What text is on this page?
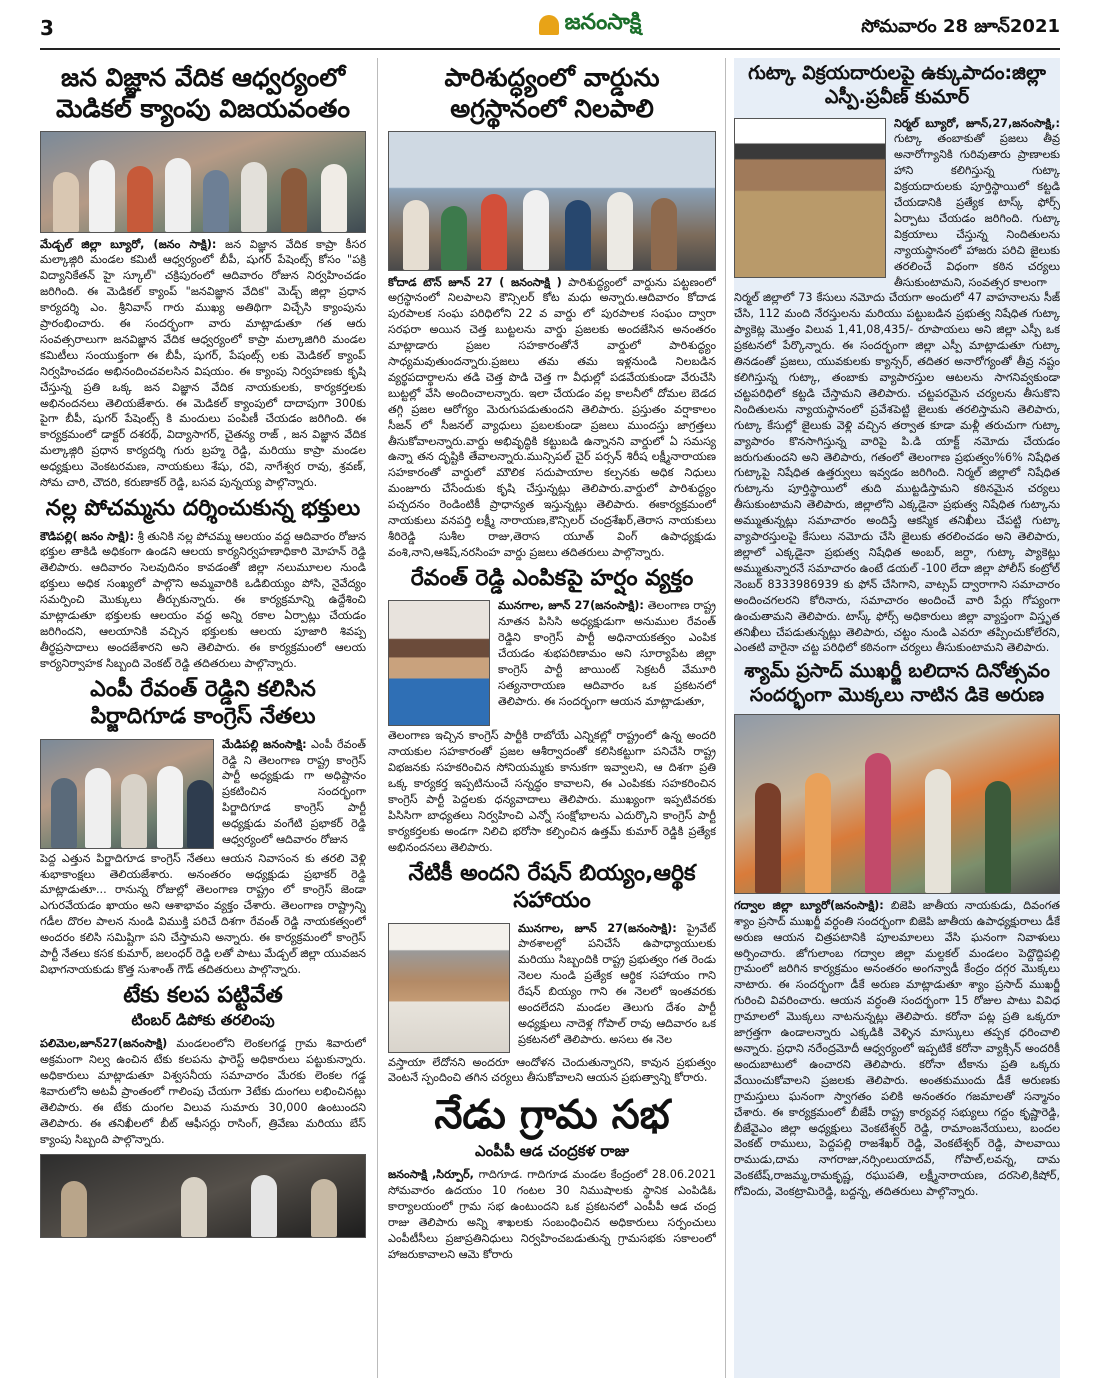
3	జనంసాక్షి	సోమవారం 28 జూన్2021
జన విజ్ఞాన వేదిక ఆధ్వర్యంలో మెడికల్ క్యాంపు విజయవంతం

మేడ్చల్ జిల్లా బ్యూరో, (జనం సాక్షి): జన విజ్ఞాన వేదిక కాప్రా కీసర మల్కాజ్గిరి మండల కమిటీ ఆధ్వర్యంలో బీపీ, షుగర్ పేషెంట్స్ కోసం "పక్రి విద్యానికేతన్ హై స్కూల్" చక్రిపురంలో ఆదివారం రోజున నిర్వహించడం జరిగింది. ఈ మెడికల్ క్యాంప్ "జనవిజ్ఞాన వేదిక" మెడ్చ్ జిల్లా ప్రధాన కార్యదర్శి ఎం. శ్రీనివాస్ గారు ముఖ్య అతిథిగా విచ్చేసి క్యాంపును ప్రారంభించారు. ఈ సందర్భంగా వారు మాట్లాడుతూ గత ఆరు సంవత్సరాలుగా జనవిజ్ఞాన వేదిక ఆధ్వర్యంలో కాప్రా మల్కాజిగిరి మండల కమిటీలు సంయుక్తంగా ఈ బీపీ, షుగర్, పేషంట్స్ లకు మెడికల్ క్యాంప్ నిర్వహించడం అభినందించవలసిన విషయం. ఈ క్యాంపు నిర్వహణకు కృషి చేస్తున్న ప్రతి ఒక్క జన విజ్ఞాన వేదిక నాయకులకు, కార్యకర్తలకు అభినందనలు తెలియజేశారు. ఈ మెడికల్ క్యాంపులో దాదాపుగా 300కు పైగా బీపీ, షుగర్ పేషెంట్స్ కి మందులు పంపిణీ చేయడం జరిగింది. ఈ కార్యక్రమంలో డాక్టర్ దశరథ్, విద్యాసాగర్, చైతన్య రాజ్ , జన విజ్ఞాన వేదిక మల్కాజ్గిరి ప్రధాన కార్యదర్శి గురు బ్రహ్మ రెడ్డి, మరియు కాప్రా మండల అధ్యక్షులు వెంకటరమణ, నాయకులు శేషు, రవి, నాగేశ్వర రావు, శ్రవణ్, సోమ చారి, చౌదరి, కరుణాకర్ రెడ్డి, బసవ పున్నయ్య పాల్గొన్నారు.

నల్ల పోచమ్మను దర్శించుకున్న భక్తులు

కౌడిపల్లి( జనం సాక్షి): శ్రీ తునికి నల్ల పోచమ్మ ఆలయం వద్ద ఆదివారం రోజున భక్తుల తాకిడి అధికంగా ఉండని ఆలయ కార్యనిర్వహణాధికారి మోహన్ రెడ్డి తెలిపారు. ఆదివారం సెలవుదినం కావడంతో జిల్లా నలుమూలల నుండి భక్తులు అధిక సంఖ్యలో పాల్గొని అమ్మవారికి ఒడిబియ్యం పోసి, నైవేద్యం సమర్పించి మొక్కులు తీర్చుకున్నారు. ఈ కార్యక్రమాన్ని ఉద్దేశించి మాట్లాడుతూ భక్తులకు ఆలయం వద్ద అన్ని రకాల ఏర్పాట్లు చేయడం జరిగిందని, ఆలయానికి వచ్చిన భక్తులకు ఆలయ పూజారి శివప్ప తీర్థప్రసాదాలు అందజేశారని అని తెలిపారు. ఈ కార్యక్రమంలో ఆలయ కార్యనిర్వాహక సిబ్బంది వెంకట్ రెడ్డి తదితరులు పాల్గొన్నారు.

ఎంపీ రేవంత్ రెడ్డిని కలిసిన పిర్జాదిగూడ కాంగ్రెస్ నేతలు

మేడిపల్లి జనంసాక్షి: ఎంపీ రేవంత్ రెడ్డి ని తెలంగాణ రాష్ట్ర కాంగ్రెస్ పార్టీ అధ్యక్షుడు గా అధిష్టానం ప్రకటించిన సందర్భంగా పిర్జాదిగూడ కాంగ్రెస్ పార్టీ అధ్యక్షుడు వంగేటి ప్రభాకర్ రెడ్డి ఆధ్వర్యంలో ఆదివారం రోజున

పెద్ద ఎత్తున పిర్జాదిగూడ కాంగ్రెస్ నేతలు ఆయన నివాసంన కు తరలి వెళ్లి శుభాకాంక్షలు తెలియజేశారు. అనంతరం అధ్యక్షుడు ప్రభాకర్ రెడ్డి మాట్లాడుతూ... రానున్న రోజుల్లో తెలంగాణ రాష్ట్రం లో కాంగ్రెస్ జెండా ఎగురవేయడం ఖాయం అని ఆశాభావం వ్యక్తం చేశారు. తెలంగాణ రాష్ట్రాన్ని గడీల దొరల పాలన నుండి విముక్తి పరిచే దిశగా రేవంత్ రెడ్డి నాయకత్వంలో అందరం కలిసి సమిష్టిగా పని చేస్తామని అన్నారు. ఈ కార్యక్రమంలో కాంగ్రెస్ పార్టీ నేతలు కసక కుమార్, జలంధర్ రెడ్డి లతో పాటు మేడ్చల్ జిల్లా యువజన విభాగనాయకుడు కొత్త సుశాంత్ గౌడ్ తదితరులు పాల్గొన్నారు.

టేకు కలప పట్టివేత
టింబర్ డిపోకు తరలింపు

పలిమెల,జూన్27(జనంసాక్షి) మండలంలోని లెంకలగడ్డ గ్రామ శివారులో అక్రమంగా నిల్వ ఉంచిన టేకు కలపను ఫారెస్ట్ అధికారులు పట్టుకున్నారు. అధికారులు మాట్లాడుతూ విశ్వసనీయ సమాచారం మేరకు లెంకల గడ్డ శివారులోని అటవీ ప్రాంతంలో గాలింపు చేయగా 3టేకు దుంగలు లభించినట్లు తెలిపారు. ఈ టేకు దుంగల విలువ సుమారు 30,000 ఉంటుందని తెలిపారు. ఈ తనిఖీలలో బీట్ ఆఫీసర్లు రాసింగ్, త్రివేణు మరియు బేస్ క్యాంపు సిబ్బంది పాల్గొన్నారు.

పారిశుద్ధ్యంలో వార్డును అగ్రస్థానంలో నిలపాలి

కోదాడ టౌన్ జూన్ 27 ( జనంసాక్షి ) పారిశుద్ధ్యంలో వార్డును పట్టణంలో అగ్రస్థానంలో నిలపాలని కౌన్సిలర్ కోట మధు అన్నారు.ఆదివారం కోదాడ పురపాలక సంఘ పరిధిలోని 22 వ వార్డు లో పురపాలక సంఘం ద్వారా సరఫరా అయిన చెత్త బుట్టలను వార్డు ప్రజలకు అందజేసిన అనంతరం మాట్లాడారు ప్రజల సహకారంతోనే వార్డులో పారిశుద్ధ్యం సాధ్యమవుతుందన్నారు.ప్రజలు తమ తమ ఇళ్లనుండి నిలబడిన వ్యర్థపదార్థాలను తడి చెత్త పొడి చెత్త గా వీధుల్లో పడవేయకుండా వేరుచేసి బుట్టల్లో వేసి అందించాలన్నారు. ఇలా చేయడం వల్ల కాలనీలో దోమల బెడద తగ్గి ప్రజల ఆరోగ్యం మెరుగుపడుతుందని తెలిపారు. ప్రస్తుతం వర్షాకాలం సీజన్ లో సీజనల్ వ్యాధులు ప్రబలకుండా ప్రజలు ముందస్తు జాగ్రత్తలు తీసుకోవాలన్నారు.వార్డు అభివృద్ధికి కట్టుబడి ఉన్నానని వార్డులో ఏ సమస్య ఉన్నా తన దృష్టికి తేవాలన్నారు.మున్సిపల్ చైర్ పర్సన్ శిరీష లక్ష్మీనారాయణ సహకారంతో వార్డులో మౌలిక సదుపాయాల కల్పనకు అధిక నిధులు మంజూరు చేసేందుకు కృషి చేస్తున్నట్లు తెలిపారు.వార్డులో పారిశుద్ధ్యం పచ్చదనం రెండింటికీ ప్రాధాన్యత ఇస్తున్నట్లు తెలిపారు. ఈకార్యక్రమంలో నాయకులు వనపర్తి లక్ష్మీ నారాయణ,కౌన్సిలర్ చంద్రశేఖర్,తెరాస నాయకులు శీరిరెడ్డి సుశీల రాజు,తెరాస యూత్ వింగ్ ఉపాధ్యక్షుడు వంశి,నాని,ఆశిష్,నరసింహ వార్డు ప్రజలు తదితరులు పాల్గొన్నారు.

రేవంత్ రెడ్డి ఎంపికపై హర్షం వ్యక్తం

మునగాల, జూన్ 27(జనంసాక్షి): తెలంగాణ రాష్ట్ర నూతన పిసిసి అధ్యక్షుడుగా అనుముల రేవంత్ రెడ్డిని కాంగ్రెస్ పార్టీ అధినాయకత్వం ఎంపిక చేయడం శుభపరిణామం అని సూర్యాపేట జిల్లా కాంగ్రెస్ పార్టీ జాయింట్ సెక్రటరీ వేమూరి సత్యనారాయణ ఆదివారం ఒక ప్రకటనలో తెలిపారు. ఈ సందర్భంగా ఆయన మాట్లాడుతూ,

తెలంగాణ ఇచ్చిన కాంగ్రెస్ పార్టీకి రాబోయే ఎన్నికల్లో రాష్ట్రంలో ఉన్న అందరి నాయకుల సహకారంతో ప్రజల ఆశీర్వాదంతో కలిసికట్టుగా పనిచేసి రాష్ట్ర విభజనకు సహకరించిన సోనియమ్మకు కానుకగా ఇవ్వాలని, ఆ దిశగా ప్రతి ఒక్క కార్యకర్త ఇప్పటినుంచే సన్నద్ధం కావాలని, ఈ ఎంపికకు సహకరించిన కాంగ్రెస్ పార్టీ పెద్దలకు ధన్యవాదాలు తెలిపారు. ముఖ్యంగా ఇప్పటివరకు పిసిసిగా బాధ్యతలు నిర్వహించి ఎన్నో సంక్షోభాలను ఎదుర్కొని కాంగ్రెస్ పార్టీ కార్యకర్తలకు అండగా నిలిచి భరోసా కల్పించిన ఉత్తమ్ కుమార్ రెడ్డికి ప్రత్యేక అభినందనలు తెలిపారు.

నేటికీ అందని రేషన్ బియ్యం,ఆర్థిక సహాయం

మునగాల, జూన్ 27(జనంసాక్షి): ప్రైవేట్ పాఠశాలల్లో పనిచేసే ఉపాధ్యాయులకు మరియు సిబ్బందికి రాష్ట్ర ప్రభుత్వం గత రెండు నెలల నుండి ప్రత్యేక ఆర్థిక సహాయం గాని రేషన్ బియ్యం గాని ఈ నెలలో ఇంతవరకు అందలేదని మండల తెలుగు దేశం పార్టీ అధ్యక్షులు నాదెళ్ల గోపాల్ రావు ఆదివారం ఒక ప్రకటనలో తెలిపారు. అసలు ఈ నెల

వస్తాయా లేదోనని అందరూ ఆందోళన చెందుతున్నారని, కావున ప్రభుత్వం వెంటనే స్పందించి తగిన చర్యలు తీసుకోవాలని ఆయన ప్రభుత్వాన్ని కోరారు.

నేడు గ్రామ సభ
ఎంపీపీ ఆడ చంద్రకళ రాజు

జనంసాక్షి ,సిర్పూర్, గాదిగూడ. గాదిగూడ మండల కేంద్రంలో 28.06.2021 సోమవారం ఉదయం 10 గంటల 30 నిముషాలకు స్థానిక ఎంపిడిఓ కార్యాలయంలో గ్రామ సభ ఉంటుందని ఒక ప్రకటనలో ఎంపీపీ ఆడ చంద్ర రాజు తెలిపారు అన్ని శాఖలకు సంబంధించిన అధికారులు సర్పంచులు ఎంపీటీసీలు ప్రజాప్రతినిధులు నిర్వహించబడుతున్న గ్రామసభకు సకాలంలో హాజరుకావాలని ఆమె కోరారు

గుట్కా విక్రయదారులపై ఉక్కుపాదం:జిల్లా ఎస్పీ.ప్రవీణ్ కుమార్

నిర్మల్ బ్యూరో, జూన్,27,జనంసాక్షి,: గుట్కా తంబాకుతో ప్రజలు తీవ్ర అనారోగ్యానికి గురివుతారు ప్రాణాలకు హాని కలిగిస్తున్న గుట్కా విక్రయదారులకు పూర్తిస్థాయిలో కట్టడి చేయడానికి ప్రత్యేక టాస్క్ ఫోర్స్ ఏర్పాటు చేయడం జరిగింది. గుట్కా విక్రయాలు చేస్తున్న నిందితులను న్యాయస్థానంలో హాజరు పరిచి జైలుకు తరలించే విధంగా కఠిన చర్యలు తీసుకుంటామని, సంవత్సర కాలంగా

నిర్మల్ జిల్లాలో 73 కేసులు నమోదు చేయగా అందులో 47 వాహనాలను సీజ్ చేసి, 112 మంది నేరస్తులను మరియు పట్టుబడిన ప్రభుత్వ నిషేధిత గుట్కా ప్యాకెట్ల మొత్తం విలువ 1,41,08,435/- రూపాయలు అని జిల్లా ఎస్పీ ఒక ప్రకటనలో పేర్కొన్నారు. ఈ సందర్భంగా జిల్లా ఎస్పీ మాట్లాడుతూ గుట్కా తినడంతో ప్రజలు, యువకులకు క్యాన్సర్, తదితర అనారోగ్యంతో తీవ్ర నష్టం కలిగిస్తున్న గుట్కా, తంబాకు వ్యాపారస్తుల ఆటలను సాగనివ్వకుండా చట్టపరిధిలో కట్టడి చేస్తామని తెలిపారు. చట్టపరమైన చర్యలను తీసుకొని నిందితులను న్యాయస్థానంలో ప్రవేశపెట్టి జైలుకు తరలిస్తామని తెలిపారు, గుట్కా కేసుల్లో జైలుకు వెళ్లి వచ్చిన తర్వాత కూడా మళ్లీ తరుచుగా గుట్కా వ్యాపారం కొనసాగిస్తున్న వారిపై పి.డి యాక్ట్ నమోదు చేయడం జరుగుతుందని అని తెలిపారు, గతంలో తెలంగాణ ప్రభుత్వం%6% నిషేధిత గుట్కాపై నిషేధిత ఉత్తర్వులు ఇవ్వడం జరిగింది. నిర్మల్ జిల్లాలో నిషేధిత గుట్కాను పూర్తిస్థాయిలో తుది ముట్టడిస్తామని కఠినమైన చర్యలు తీసుకుంటామని తెలిపారు, జిల్లాలోని ఎక్కడైనా ప్రభుత్వ నిషేధిత గుట్కాను అమ్ముతున్నట్లు సమాచారం అందిస్తే ఆకస్మిక తనిఖీలు చేపట్టి గుట్కా వ్యాపారస్తులపై కేసులు నమోదు చేసి జైలుకు తరలించడం అని తెలిపారు, జిల్లాలో ఎక్కడైనా ప్రభుత్వ నిషేధిత అంబర్, జర్దా, గుట్కా ప్యాకెట్లు అమ్ముతున్నారనే సమాచారం ఉంటే డయల్ -100 లేదా జిల్లా పోలీస్ కంట్రోల్ నెంబర్ 8333986939 కు ఫోన్ చేసిగాని, వాట్సప్ ద్వారాగాని సమాచారం అందించగలరని కోరినారు, సమాచారం అందించే వారి పేర్లు గోప్యంగా ఉంచుతామని తెలిపారు. టాస్క్ ఫోర్స్ అధికారులు జిల్లా వ్యాప్తంగా విస్తృత తనిఖీలు చేపడుతున్నట్లు తెలిపారు, చట్టం నుండి ఎవరూ తప్పించుకోలేరని, ఎంతటి వారైనా చట్ట పరిధిలో కఠినంగా చర్యలు తీసుకుంటామని తెలిపారు.

శ్యామ్ ప్రసాద్ ముఖర్జీ బలిదాన దినోత్సవం సందర్భంగా మొక్కలు నాటిన డికె అరుణ

గద్వాల జిల్లా బ్యూరో(జనంసాక్షి): బిజెపి జాతీయ నాయకుడు, దివంగత శ్యాం ప్రసాద్ ముఖర్జీ వర్ధంతి సందర్భంగా బిజెపి జాతీయ ఉపాధ్యక్షురాలు డీకే అరుణ ఆయన చిత్రపటానికి పూలమాలలు వేసి ఘనంగా నివాళులు అర్పించారు. జోగులాంబ గద్వాల జిల్లా మల్దకల్ మండలం పెద్దొద్దిపల్లి గ్రామంలో జరిగిన కార్యక్రమం అనంతరం అంగన్వాడీ కేంద్రం దగ్గర మొక్కలు నాటారు. ఈ సందర్భంగా డీకే అరుణ మాట్లాడుతూ శ్యాం ప్రసాద్ ముఖర్జీ గురించి వివరించారు. ఆయన వర్ధంతి సందర్భంగా 15 రోజుల పాటు వివిధ గ్రామాలలో మొక్కలు నాటనున్నట్లు తెలిపారు. కరోనా పట్ల ప్రతి ఒక్కరూ జాగ్రత్తగా ఉండాలన్నారు ఎక్కడికి వెళ్ళిన మాస్కులు తప్పక ధరించాలి అన్నారు. ప్రధాని నరేంద్రమోదీ ఆధ్వర్యంలో ఇప్పటికే కరోనా వ్యాక్సిన్ అందరికీ అందుబాటులో ఉంచారని తెలిపారు. కరోనా టీకాను ప్రతి ఒక్కరు వేయించుకోవాలని ప్రజలకు తెలిపారు. అంతకుముందు డీకే అరుణకు గ్రామస్తులు ఘనంగా స్వాగతం పలికి అనంతరం గజమాలతో సన్మానం చేశారు. ఈ కార్యక్రమంలో బీజేపీ రాష్ట్ర కార్యవర్గ సభ్యులు గద్దం కృష్ణారెడ్డి, బీజేవైఎం జిల్లా అధ్యక్షులు వెంకటేశ్వర్ రెడ్డి, రామాంజనేయులు, బందల వెంకట్ రాములు, పెద్దపల్లి రాజశేఖర్ రెడ్డి, వెంకటేశ్వర్ రెడ్డి, పాలవాయి రాముడు,దామ నాగరాజు,నర్సింలుయాదవ్, గోపాల్,లవన్న, దామ వెంకటేష్,రాజమ్మ,రామకృష్ణ, రఘుపతి, లక్ష్మీనారాయణ, దరసెలి,కిషోర్, గోవిందు, వెంకట్రామిరెడ్డి, బద్దన్న, తదితరులు పాల్గొన్నారు.
